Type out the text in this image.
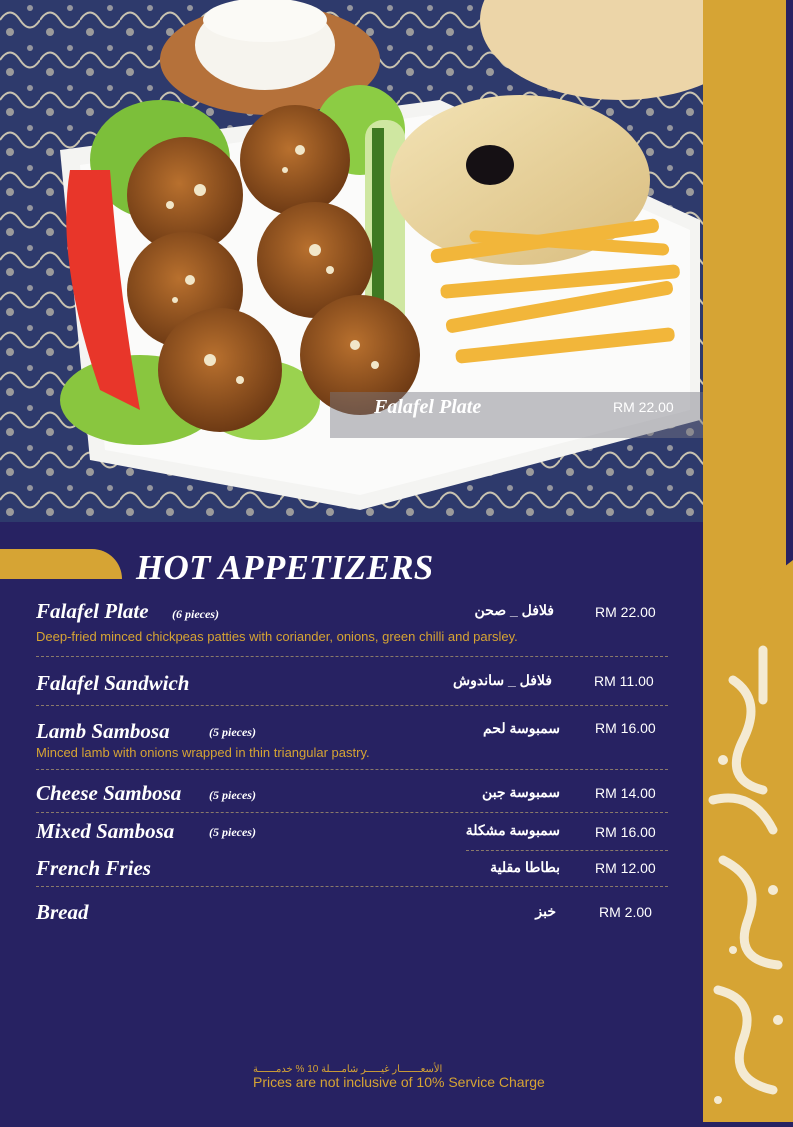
Falafel Plate	RM 22.00
HOT APPETIZERS
Falafel Plate (6 pieces)	فلافل _ صحن	RM 22.00
Deep-fried minced chickpeas patties with coriander, onions, green chilli and parsley.
Falafel Sandwich	فلافل _ ساندوش	RM 11.00
Lamb Sambosa	(5 pieces)	سمبوسة لحم	RM 16.00
Minced lamb with onions wrapped in thin triangular pastry.
Cheese Sambosa (5 pieces)	سمبوسة جبن	RM 14.00
Mixed Sambosa	(5 pieces)	سمبوسة مشكلة	RM 16.00
French Fries	بطاطا مقلية	RM 12.00
Bread	خبز	RM 2.00
الأسعـــــــار غيـــــر شامــــلة 10 % خدمــــــة
Prices are not inclusive of 10% Service Charge
